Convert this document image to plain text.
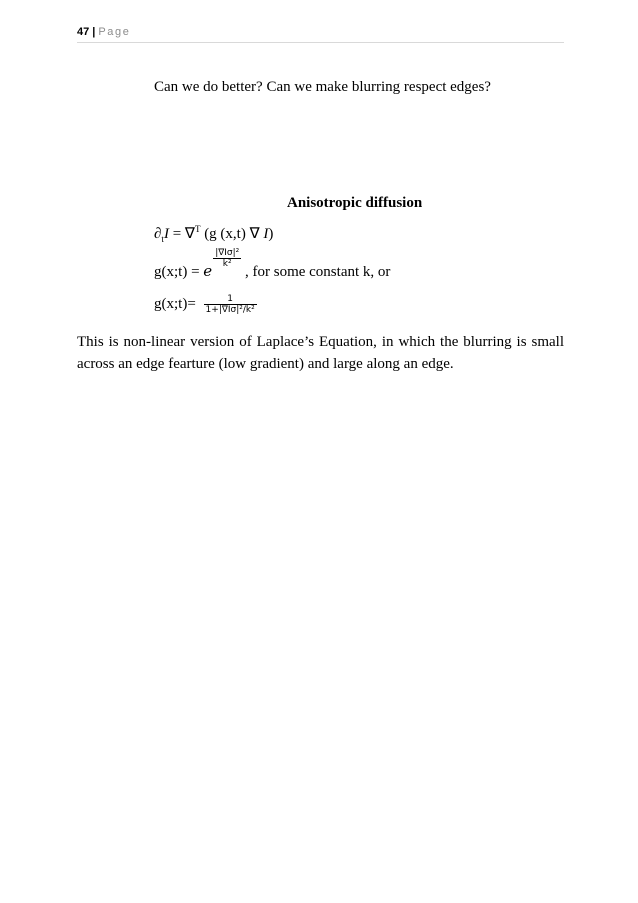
47 | Page
Can we do better? Can we make blurring respect edges?
Anisotropic diffusion
$\partial_tI = \nabla^T$ (g (x,t) ∇ I)
g(x;t) = e
$\frac{\text{|∇Iσ|²}}{\text{k²}}$
, for some constant k, or
g(x;t)= $\frac{1}{\text{1+|∇Iσ|²/k²}}$
This is non-linear version of Laplace’s Equation, in which the blurring is small across an edge fearture (low gradient) and large along an edge.
